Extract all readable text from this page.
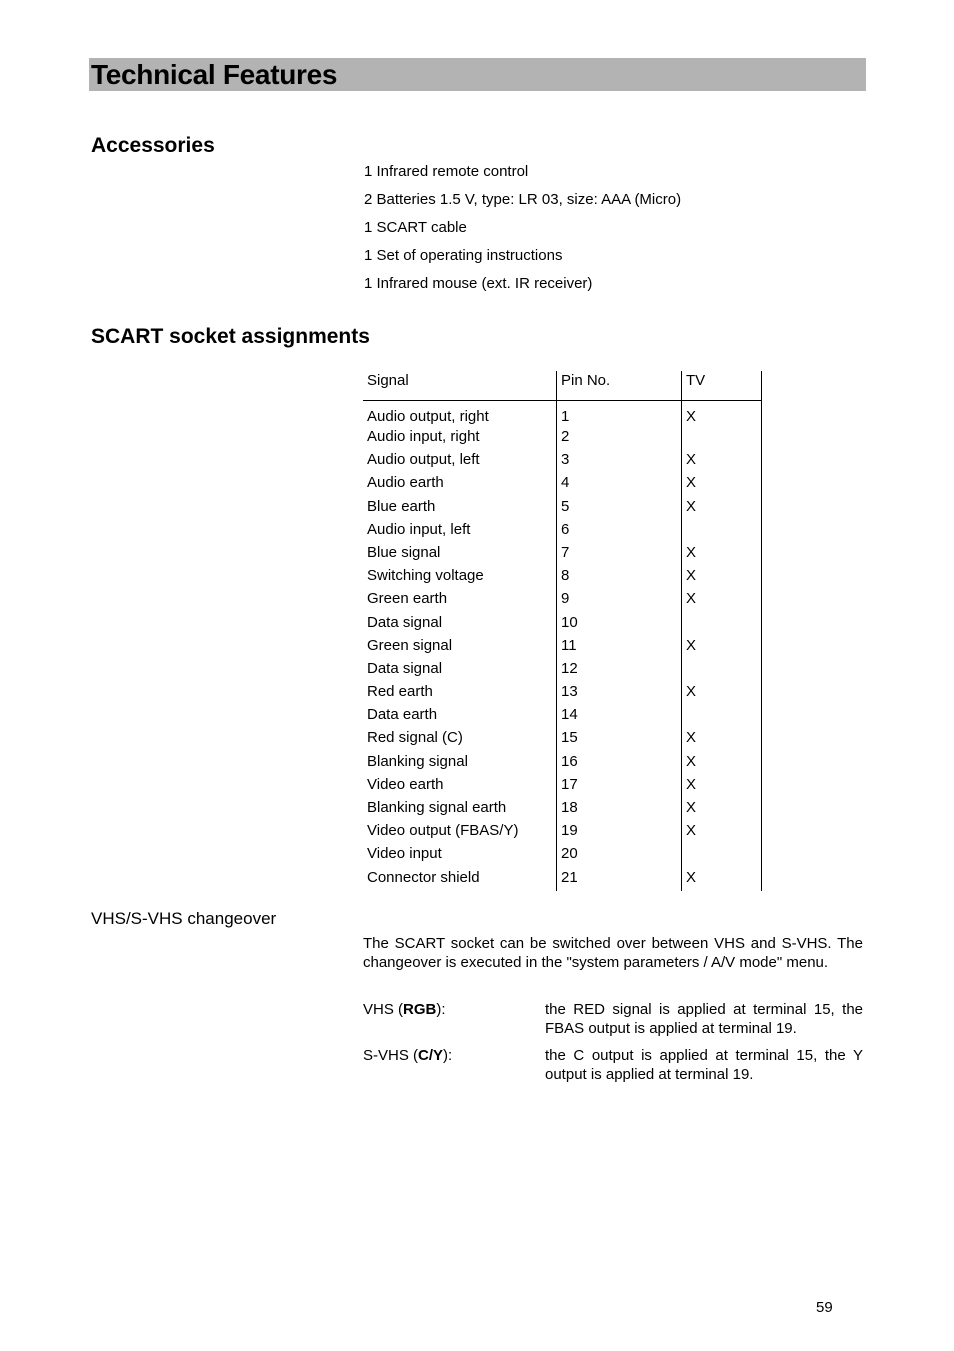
Technical Features
Accessories
1 Infrared remote control
2 Batteries 1.5 V, type: LR 03, size: AAA (Micro)
1 SCART cable
1 Set of operating instructions
1 Infrared mouse (ext. IR receiver)
SCART socket assignments
Signal	Pin No.	TV
Audio output, right	1	X
Audio input, right	2	
Audio output, left	3	X
Audio earth	4	X
Blue earth	5	X
Audio input, left	6	
Blue signal	7	X
Switching voltage	8	X
Green earth	9	X
Data signal	10	
Green signal	11	X
Data signal	12	
Red earth	13	X
Data earth	14	
Red signal (C)	15	X
Blanking signal	16	X
Video earth	17	X
Blanking signal earth	18	X
Video output (FBAS/Y)	19	X
Video input	20	
Connector shield	21	X
VHS/S-VHS changeover

The SCART socket can be switched over between VHS and S-VHS. The changeover is executed in the "system parameters / A/V mode" menu.

VHS (RGB):	the RED signal is applied at terminal 15, the FBAS output is applied at terminal 19.
S-VHS (C/Y):	the C output is applied at terminal 15, the Y output is applied at terminal 19.
59
